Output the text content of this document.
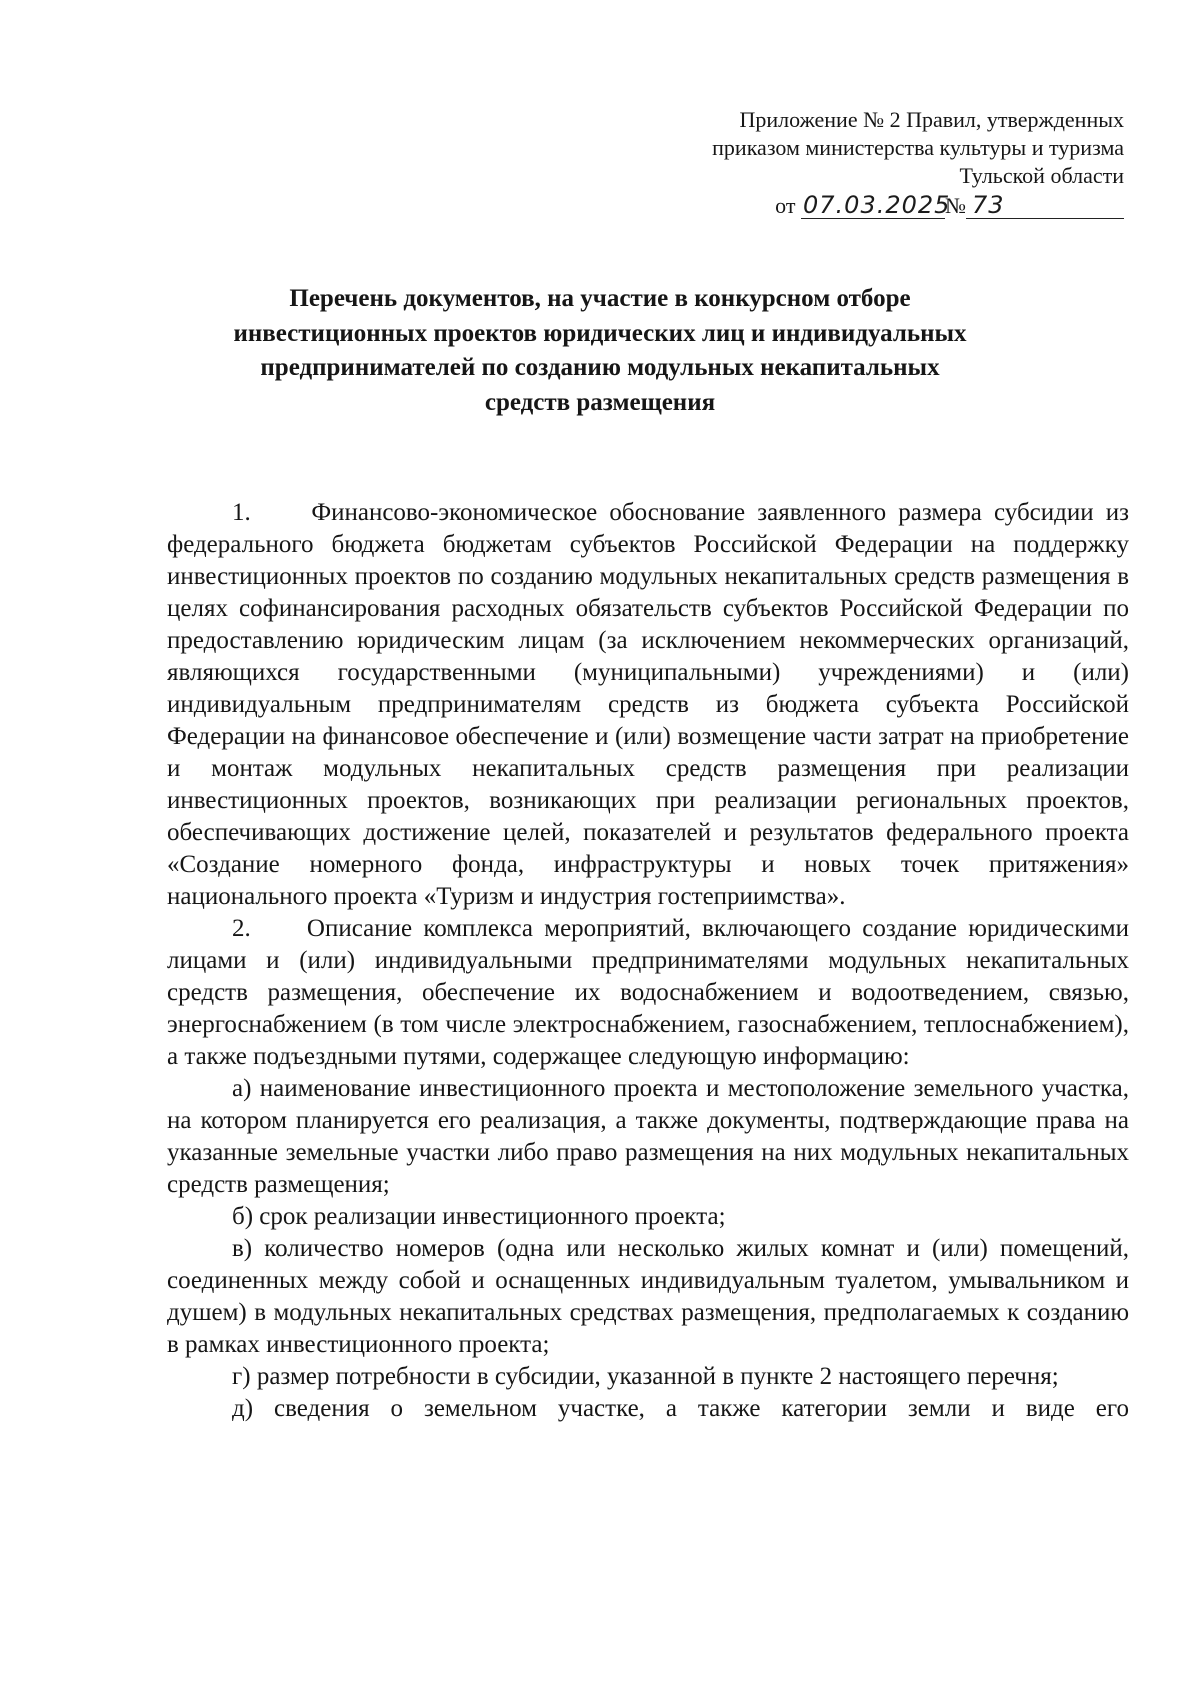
Приложение № 2 Правил, утвержденных
приказом министерства культуры и туризма
Тульской области
от 07.03.2025№ 73
Перечень документов, на участие в конкурсном отборе
инвестиционных проектов юридических лиц и индивидуальных
предпринимателей по созданию модульных некапитальных
средств размещения

1.     Финансово-экономическое обоснование заявленного размера субсидии из федерального бюджета бюджетам субъектов Российской Федерации на поддержку инвестиционных проектов по созданию модульных некапитальных средств размещения в целях софинансирования расходных обязательств субъектов Российской Федерации по предоставлению юридическим лицам (за исключением некоммерческих организаций, являющихся государственными (муниципальными) учреждениями) и (или) индивидуальным предпринимателям средств из бюджета субъекта Российской Федерации на финансовое обеспечение и (или) возмещение части затрат на приобретение и монтаж модульных некапитальных средств размещения при реализации инвестиционных проектов, возникающих при реализации региональных проектов, обеспечивающих достижение целей, показателей и результатов федерального проекта «Создание номерного фонда, инфраструктуры и новых точек притяжения» национального проекта «Туризм и индустрия гостеприимства».

2.     Описание комплекса мероприятий, включающего создание юридическими лицами и (или) индивидуальными предпринимателями модульных некапитальных средств размещения, обеспечение их водоснабжением и водоотведением, связью, энергоснабжением (в том числе электроснабжением, газоснабжением, теплоснабжением), а также подъездными путями, содержащее следующую информацию:

а) наименование инвестиционного проекта и местоположение земельного участка, на котором планируется его реализация, а также документы, подтверждающие права на указанные земельные участки либо право размещения на них модульных некапитальных средств размещения;

б) срок реализации инвестиционного проекта;

в) количество номеров (одна или несколько жилых комнат и (или) помещений, соединенных между собой и оснащенных индивидуальным туалетом, умывальником и душем) в модульных некапитальных средствах размещения, предполагаемых к созданию в рамках инвестиционного проекта;

г) размер потребности в субсидии, указанной в пункте 2 настоящего перечня;

д) сведения о земельном участке, а также категории земли и виде его
